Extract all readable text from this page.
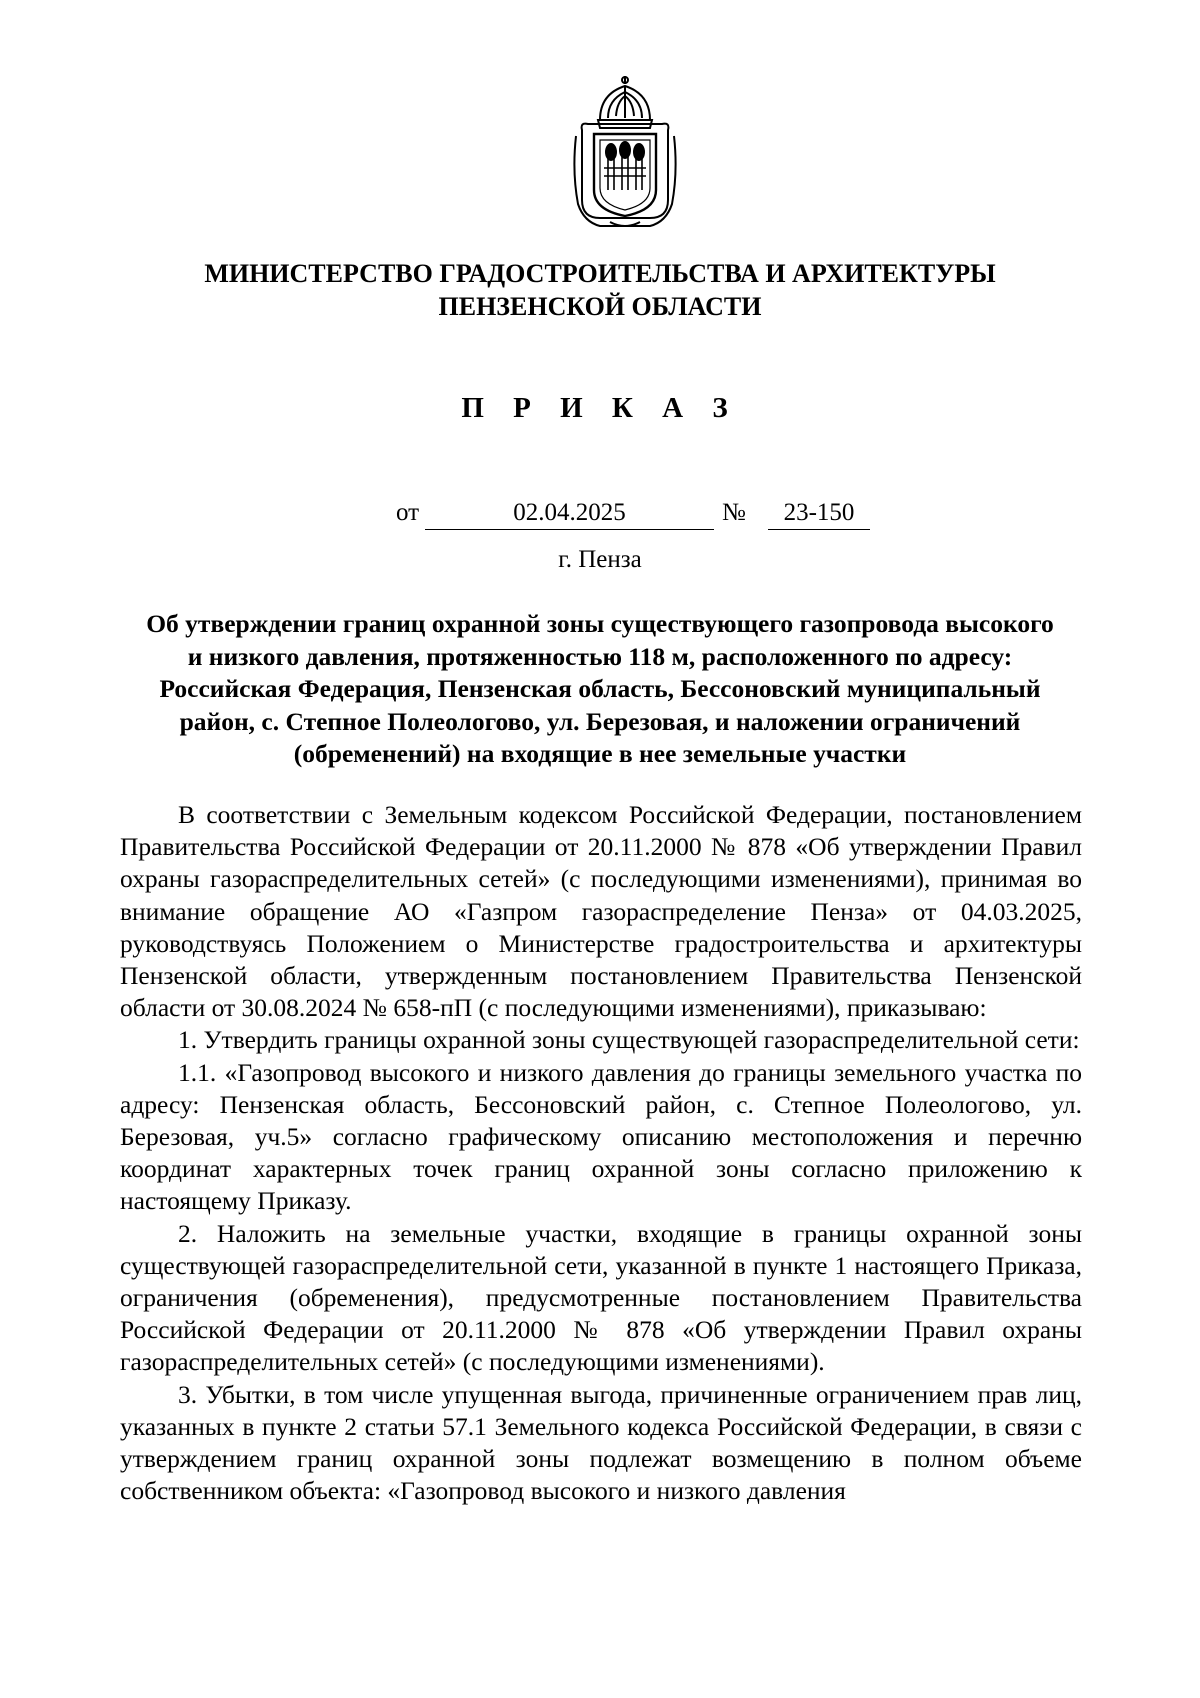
МИНИСТЕРСТВО ГРАДОСТРОИТЕЛЬСТВА И АРХИТЕКТУРЫ
ПЕНЗЕНСКОЙ ОБЛАСТИ
П Р И К А З
от	02.04.2025	№	23-150
г. Пенза
Об утверждении границ охранной зоны существующего газопровода высокого
и низкого давления, протяженностью 118 м, расположенного по адресу:
Российская Федерация, Пензенская область, Бессоновский муниципальный
район, с. Степное Полеологово, ул. Березовая, и наложении ограничений
(обременений) на входящие в нее земельные участки

В соответствии с Земельным кодексом Российской Федерации, постановлением Правительства Российской Федерации от 20.11.2000 № 878 «Об утверждении Правил охраны газораспределительных сетей» (с последующими изменениями), принимая во внимание обращение АО «Газпром газораспределение Пенза» от 04.03.2025, руководствуясь Положением о Министерстве градостроительства и архитектуры Пензенской области, утвержденным постановлением Правительства Пензенской области от 30.08.2024 № 658-пП (с последующими изменениями), приказываю:

1. Утвердить границы охранной зоны существующей газораспределительной сети:

1.1. «Газопровод высокого и низкого давления до границы земельного участка по адресу: Пензенская область, Бессоновский район, с. Степное Полеологово, ул. Березовая, уч.5» согласно графическому описанию местоположения и перечню координат характерных точек границ охранной зоны согласно приложению к настоящему Приказу.

2. Наложить на земельные участки, входящие в границы охранной зоны существующей газораспределительной сети, указанной в пункте 1 настоящего Приказа, ограничения (обременения), предусмотренные постановлением Правительства Российской Федерации от 20.11.2000 № 878 «Об утверждении Правил охраны газораспределительных сетей» (с последующими изменениями).

3. Убытки, в том числе упущенная выгода, причиненные ограничением прав лиц, указанных в пункте 2 статьи 57.1 Земельного кодекса Российской Федерации, в связи с утверждением границ охранной зоны подлежат возмещению в полном объеме собственником объекта: «Газопровод высокого и низкого давления
